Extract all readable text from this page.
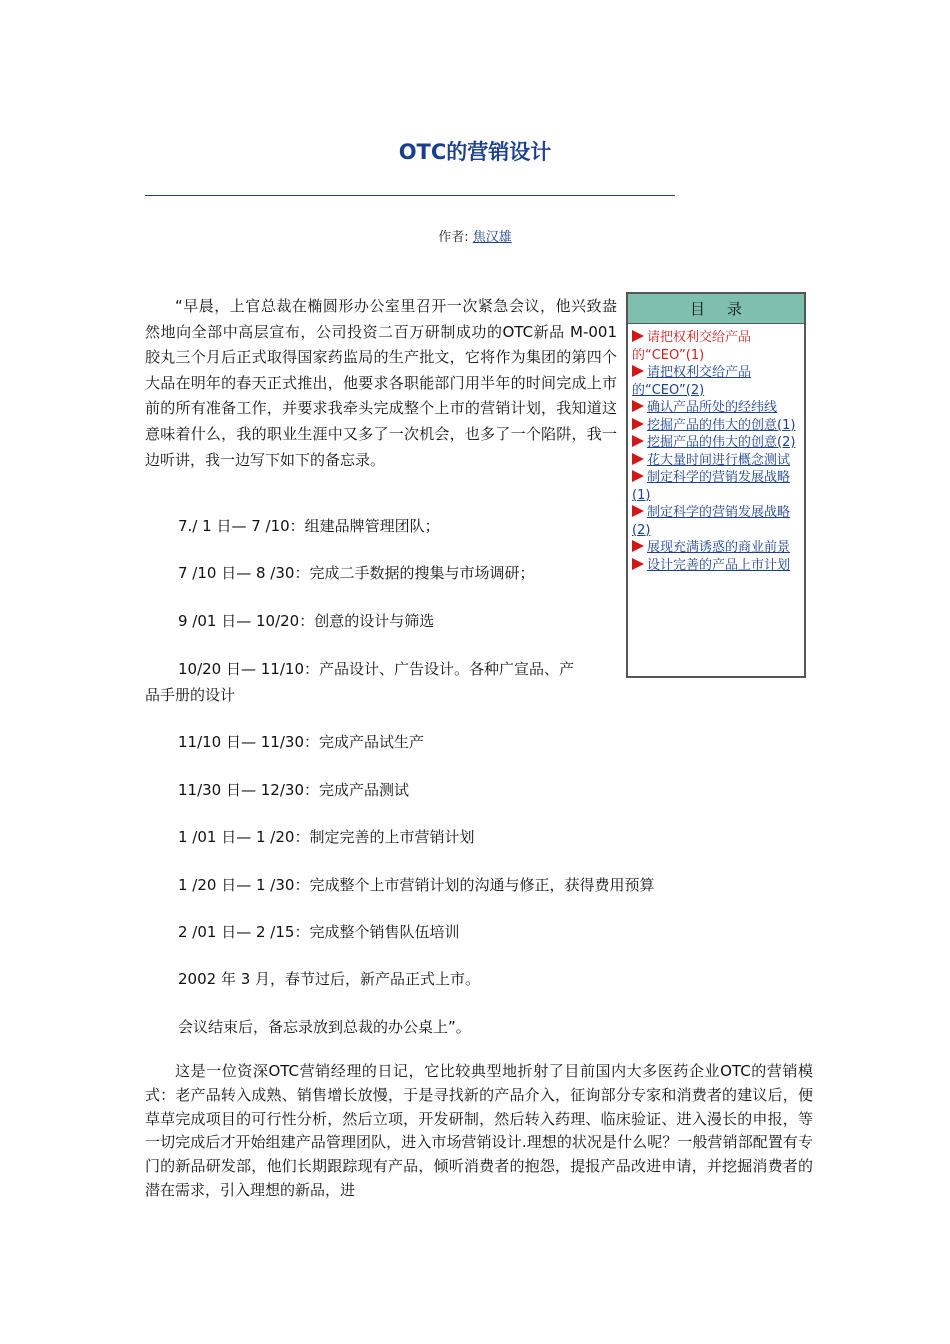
OTC的营销设计
作者: 焦汉雄

“早晨，上官总裁在椭圆形办公室里召开一次紧急会议，他兴致盎然地向全部中高层宣布，公司投资二百万研制成功的OTC新品 M-001胶丸三个月后正式取得国家药监局的生产批文，它将作为集团的第四个大品在明年的春天正式推出，他要求各职能部门用半年的时间完成上市前的所有准备工作，并要求我牵头完成整个上市的营销计划，我知道这意味着什么，我的职业生涯中又多了一次机会，也多了一个陷阱，我一边听讲，我一边写下如下的备忘录。

7./ 1 日— 7 /10：组建品牌管理团队；
7 /10 日— 8 /30：完成二手数据的搜集与市场调研；
9 /01 日— 10/20：创意的设计与筛选
10/20 日— 11/10：产品设计、广告设计。各种广宣品、产
品手册的设计
11/10 日— 11/30：完成产品试生产
11/30 日— 12/30：完成产品测试
1 /01 日— 1 /20：制定完善的上市营销计划
1 /20 日— 1 /30：完成整个上市营销计划的沟通与修正，获得费用预算
2 /01 日— 2 /15：完成整个销售队伍培训
2002 年 3 月，春节过后，新产品正式上市。
会议结束后，备忘录放到总裁的办公桌上”。

这是一位资深OTC营销经理的日记，它比较典型地折射了目前国内大多医药企业OTC的营销模式：老产品转入成熟、销售增长放慢，于是寻找新的产品介入，征询部分专家和消费者的建议后，便草草完成项目的可行性分析，然后立项，开发研制，然后转入药理、临床验证、进入漫长的申报，等一切完成后才开始组建产品管理团队，进入市场营销设计.理想的状况是什么呢？一般营销部配置有专门的新品研发部，他们长期跟踪现有产品，倾听消费者的抱怨，提报产品改进申请，并挖掘消费者的潜在需求，引入理想的新品，进

目录
请把权利交给产品的“CEO”(1)
请把权利交给产品的“CEO”(2)
确认产品所处的经纬线
挖掘产品的伟大的创意(1)
挖掘产品的伟大的创意(2)
花大量时间进行概念测试
制定科学的营销发展战略(1)
制定科学的营销发展战略(2)
展现充满诱惑的商业前景
设计完善的产品上市计划
